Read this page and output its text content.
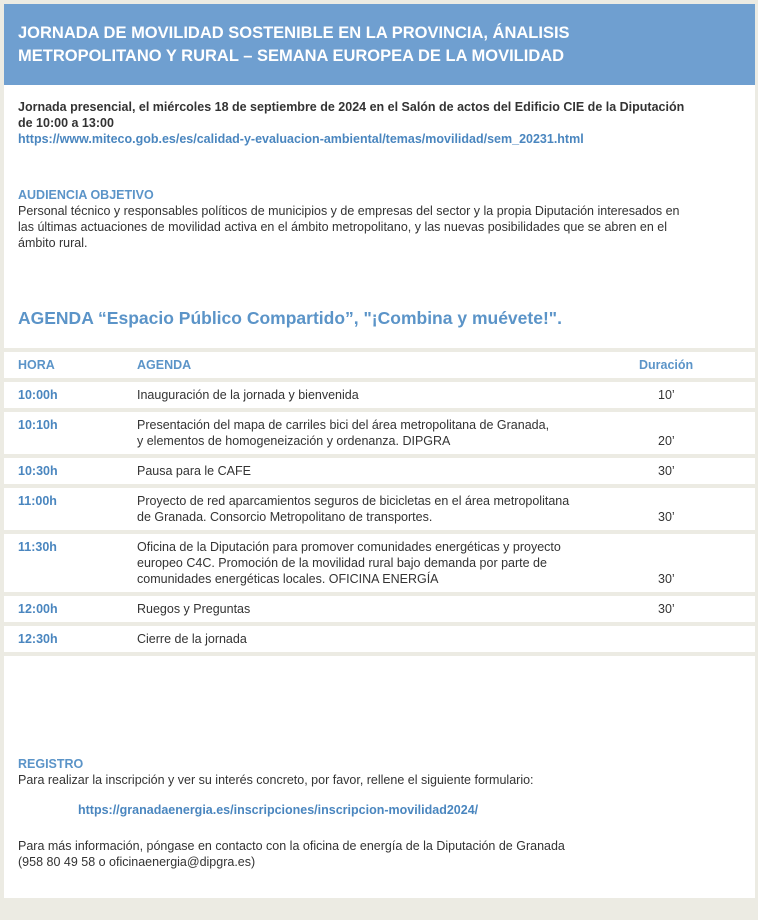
JORNADA DE MOVILIDAD SOSTENIBLE EN LA PROVINCIA, ÁNALISIS
METROPOLITANO Y RURAL – SEMANA EUROPEA DE LA MOVILIDAD
Jornada presencial, el miércoles 18 de septiembre de 2024 en el Salón de actos del Edificio CIE de la Diputación
de 10:00 a 13:00
https://www.miteco.gob.es/es/calidad-y-evaluacion-ambiental/temas/movilidad/sem_20231.html
AUDIENCIA OBJETIVO
Personal técnico y responsables políticos de municipios y de empresas del sector y la propia Diputación interesados en
las últimas actuaciones de movilidad activa en el ámbito metropolitano, y las nuevas posibilidades que se abren en el
ámbito rural.
AGENDA “Espacio Público Compartido”, "¡Combina y muévete!".
HORA	AGENDA	Duración
10:00h	Inauguración de la jornada y bienvenida	10’
10:10h	Presentación del mapa de carriles bici del área metropolitana de Granada,
y elementos de homogeneización y ordenanza. DIPGRA	20’
10:30h	Pausa para le CAFE	30’
11:00h	Proyecto de red aparcamientos seguros de bicicletas en el área metropolitana
de Granada. Consorcio Metropolitano de transportes.	30’
11:30h	Oficina de la Diputación para promover comunidades energéticas y proyecto
europeo C4C. Promoción de la movilidad rural bajo demanda por parte de
comunidades energéticas locales. OFICINA ENERGÍA	30’
12:00h	Ruegos y Preguntas	30’
12:30h	Cierre de la jornada
REGISTRO
Para realizar la inscripción y ver su interés concreto, por favor, rellene el siguiente formulario:
https://granadaenergia.es/inscripciones/inscripcion-movilidad2024/
Para más información, póngase en contacto con la oficina de energía de la Diputación de Granada
(958 80 49 58 o oficinaenergia@dipgra.es)
